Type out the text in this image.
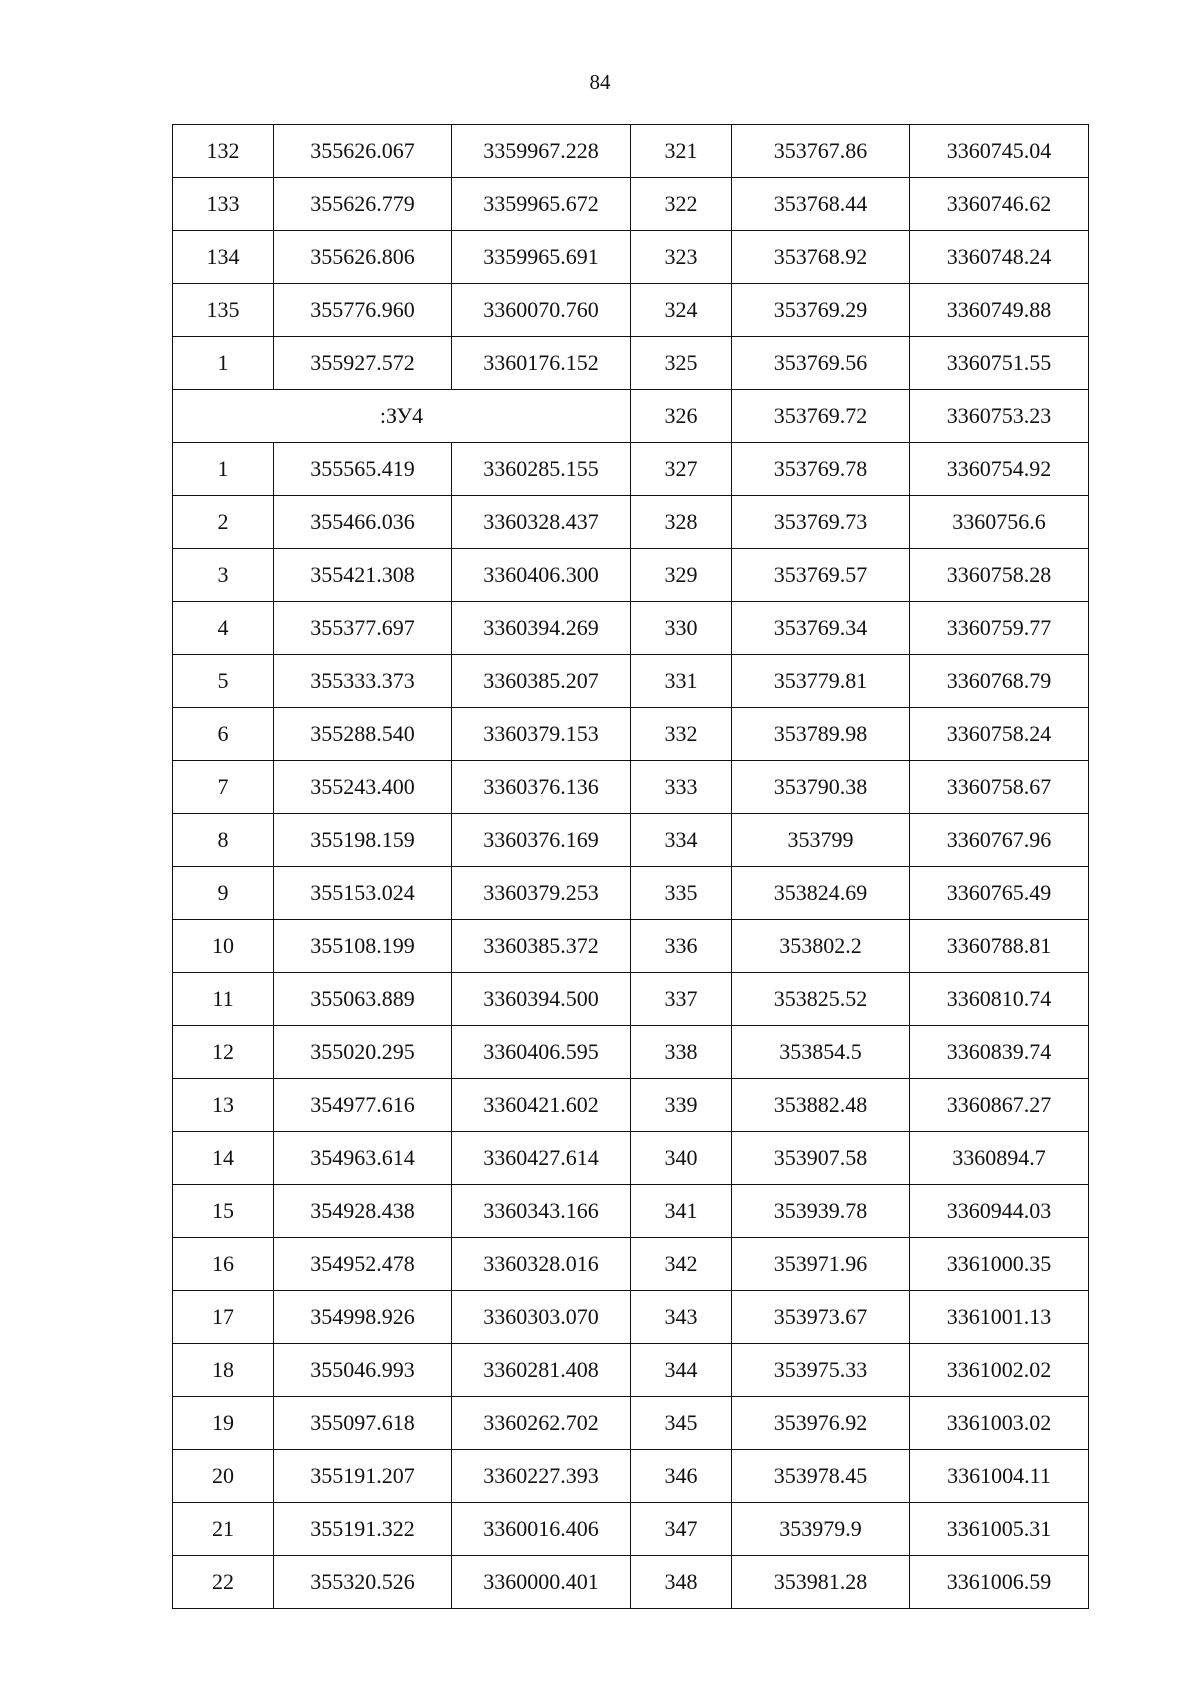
84
132	355626.067	3359967.228	321	353767.86	3360745.04
133	355626.779	3359965.672	322	353768.44	3360746.62
134	355626.806	3359965.691	323	353768.92	3360748.24
135	355776.960	3360070.760	324	353769.29	3360749.88
1	355927.572	3360176.152	325	353769.56	3360751.55
:ЗУ4			326	353769.72	3360753.23
1	355565.419	3360285.155	327	353769.78	3360754.92
2	355466.036	3360328.437	328	353769.73	3360756.6
3	355421.308	3360406.300	329	353769.57	3360758.28
4	355377.697	3360394.269	330	353769.34	3360759.77
5	355333.373	3360385.207	331	353779.81	3360768.79
6	355288.540	3360379.153	332	353789.98	3360758.24
7	355243.400	3360376.136	333	353790.38	3360758.67
8	355198.159	3360376.169	334	353799	3360767.96
9	355153.024	3360379.253	335	353824.69	3360765.49
10	355108.199	3360385.372	336	353802.2	3360788.81
11	355063.889	3360394.500	337	353825.52	3360810.74
12	355020.295	3360406.595	338	353854.5	3360839.74
13	354977.616	3360421.602	339	353882.48	3360867.27
14	354963.614	3360427.614	340	353907.58	3360894.7
15	354928.438	3360343.166	341	353939.78	3360944.03
16	354952.478	3360328.016	342	353971.96	3361000.35
17	354998.926	3360303.070	343	353973.67	3361001.13
18	355046.993	3360281.408	344	353975.33	3361002.02
19	355097.618	3360262.702	345	353976.92	3361003.02
20	355191.207	3360227.393	346	353978.45	3361004.11
21	355191.322	3360016.406	347	353979.9	3361005.31
22	355320.526	3360000.401	348	353981.28	3361006.59
